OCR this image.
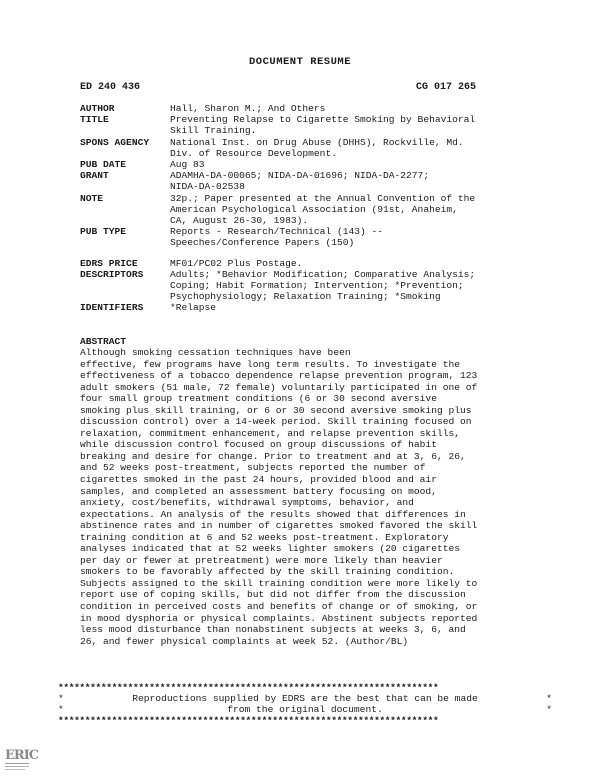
DOCUMENT RESUME
ED 240 436	CG 017 265
AUTHOR	Hall, Sharon M.; And Others
TITLE	Preventing Relapse to Cigarette Smoking by Behavioral
Skill Training.
SPONS AGENCY	National Inst. on Drug Abuse (DHHS), Rockville, Md.
Div. of Resource Development.
PUB DATE	Aug 83
GRANT	ADAMHA-DA-00065; NIDA-DA-01696; NIDA-DA-2277;
NIDA-DA-02538
NOTE	32p.; Paper presented at the Annual Convention of the
American Psychological Association (91st, Anaheim,
CA, August 26-30, 1983).
PUB TYPE	Reports - Research/Technical (143) --
Speeches/Conference Papers (150)
EDRS PRICE	MF01/PC02 Plus Postage.
DESCRIPTORS	Adults; *Behavior Modification; Comparative Analysis;
Coping; Habit Formation; Intervention; *Prevention;
Psychophysiology; Relaxation Training; *Smoking
IDENTIFIERS	*Relapse
ABSTRACT
Although smoking cessation techniques have been
effective, few programs have long term results. To investigate the
effectiveness of a tobacco dependence relapse prevention program, 123
adult smokers (51 male, 72 female) voluntarily participated in one of
four small group treatment conditions (6 or 30 second aversive
smoking plus skill training, or 6 or 30 second aversive smoking plus
discussion control) over a 14-week period. Skill training focused on
relaxation, commitment enhancement, and relapse prevention skills,
while discussion control focused on group discussions of habit
breaking and desire for change. Prior to treatment and at 3, 6, 26,
and 52 weeks post-treatment, subjects reported the number of
cigarettes smoked in the past 24 hours, provided blood and air
samples, and completed an assessment battery focusing on mood,
anxiety, cost/benefits, withdrawal symptoms, behavior, and
expectations. An analysis of the results showed that differences in
abstinence rates and in number of cigarettes smoked favored the skill
training condition at 6 and 52 weeks post-treatment. Exploratory
analyses indicated that at 52 weeks lighter smokers (20 cigarettes
per day or fewer at pretreatment) were more likely than heavier
smokers to be favorably affected by the skill training condition.
Subjects assigned to the skill training condition were more likely to
report use of coping skills, but did not differ from the discussion
condition in perceived costs and benefits of change or of smoking, or
in mood dysphoria or physical complaints. Abstinent subjects reported
less mood disturbance than nonabstinent subjects at weeks 3, 6, and
26, and fewer physical complaints at week 52. (Author/BL)
***********************************************************************
*	Reproductions supplied by EDRS are the best that can be made	*
*	from the original document.	*
***********************************************************************
ERIC
